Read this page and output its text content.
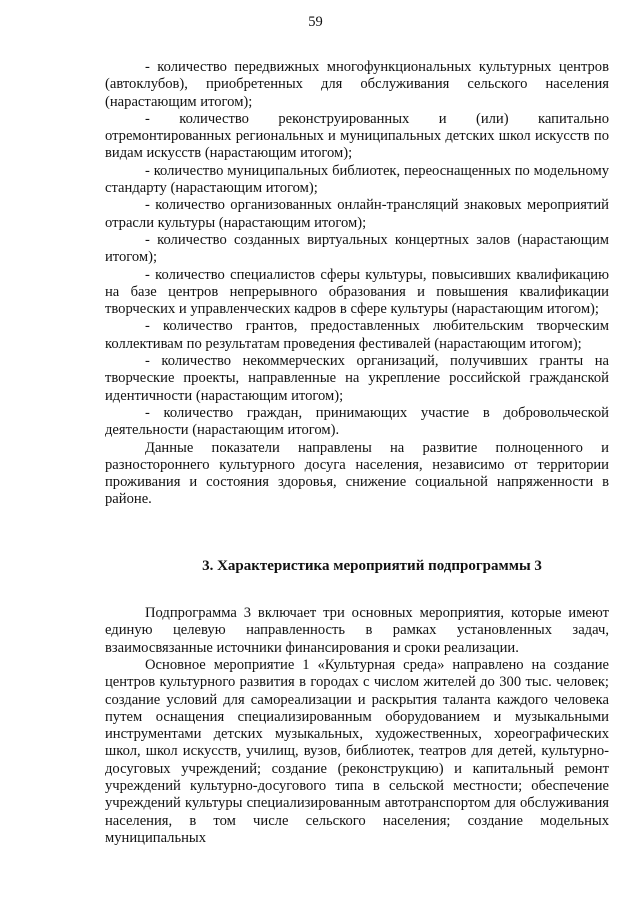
59

- количество передвижных многофункциональных культурных центров (автоклубов), приобретенных для обслуживания сельского населения (нарастающим итогом);

- количество реконструированных и (или) капитально отремонтированных региональных и муниципальных детских школ искусств по видам искусств (нарастающим итогом);

- количество муниципальных библиотек, переоснащенных по модельному стандарту (нарастающим итогом);

- количество организованных онлайн-трансляций знаковых мероприятий отрасли культуры (нарастающим итогом);

- количество созданных виртуальных концертных залов (нарастающим итогом);

- количество специалистов сферы культуры, повысивших квалификацию на базе центров непрерывного образования и повышения квалификации творческих и управленческих кадров в сфере культуры (нарастающим итогом);

- количество грантов, предоставленных любительским творческим коллективам по результатам проведения фестивалей (нарастающим итогом);

- количество некоммерческих организаций, получивших гранты на творческие проекты, направленные на укрепление российской гражданской идентичности (нарастающим итогом);

- количество граждан, принимающих участие в добровольческой деятельности (нарастающим итогом).

Данные показатели направлены на развитие полноценного и разностороннего культурного досуга населения, независимо от территории проживания и состояния здоровья, снижение социальной напряженности в районе.

3. Характеристика мероприятий подпрограммы 3

Подпрограмма 3 включает три основных мероприятия, которые имеют единую целевую направленность в рамках установленных задач, взаимосвязанные источники финансирования и сроки реализации.

Основное мероприятие 1 «Культурная среда» направлено на создание центров культурного развития в городах с числом жителей до 300 тыс. человек; создание условий для самореализации и раскрытия таланта каждого человека путем оснащения специализированным оборудованием и музыкальными инструментами детских музыкальных, художественных, хореографических школ, школ искусств, училищ, вузов, библиотек, театров для детей, культурно-досуговых учреждений; создание (реконструкцию) и капитальный ремонт учреждений культурно-досугового типа в сельской местности; обеспечение учреждений культуры специализированным автотранспортом для обслуживания населения, в том числе сельского населения; создание модельных муниципальных
